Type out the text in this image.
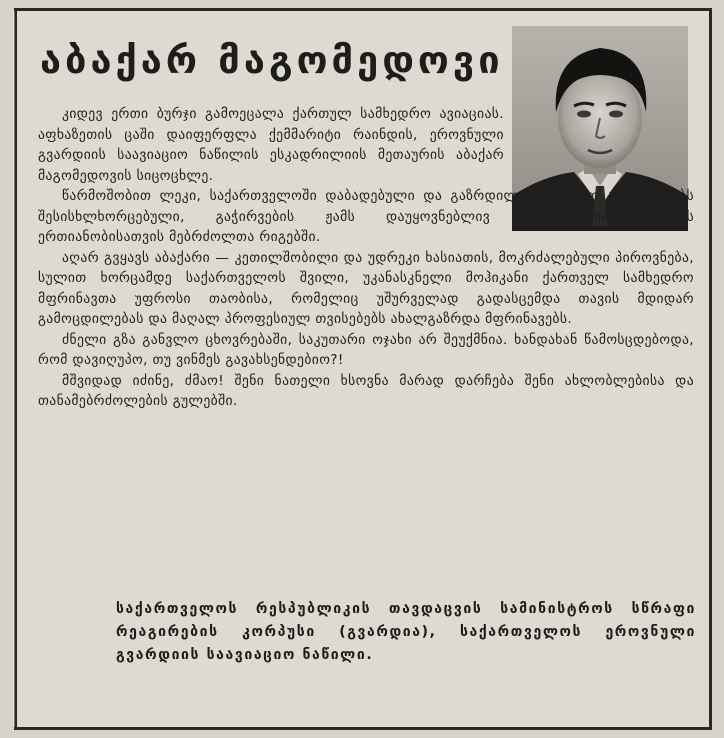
აბაქარ მაგომედოვი

კიდევ ერთი ბურჯი გამოეცალა ქართულ სამხედრო ავიაციას. აფხაზეთის ცაში დაიფერფლა ქემმარიტი რაინდის, ეროვნული გვარდიის საავიაციო ნაწილის ესკადრილიის მეთაურის აბაქარ მაგომედოვის სიცოცხლე.

წარმოშობით ლეკი, საქართველოში დაბადებული და გაზრდილი, ქართულ ადათ-წესებს შესისხლხორცებული, გაჭირვების ჟამს დაუყოვნებლივ ჩადგა საქართველოს ერთიანობისათვის მებრძოლთა რიგებში.

აღარ გვყავს აბაქარი — კეთილშობილი და უდრეკი ხასიათის, მოკრძალებული პიროვნება, სულით ხორცამდე საქართველოს შვილი, უკანასკნელი მოჰიკანი ქართველ სამხედრო მფრინავთა უფროსი თაობისა, რომელიც უშურველად გადასცემდა თავის მდიდარ გამოცდილებას და მაღალ პროფესიულ თვისებებს ახალგაზრდა მფრინავებს.

ძნელი გზა განვლო ცხოვრებაში, საკუთარი ოჯახი არ შეუქმნია. ხანდახან წამოსცდებოდა, რომ დავიღუპო, თუ ვინმეს გავახსენდებიო?!

მშვიდად იძინე, ძმაო! შენი ნათელი ხსოვნა მარად დარჩება შენი ახლობლებისა და თანამებრძოლების გულებში.

საქართველოს რესპუბლიკის თავდაცვის სამინისტროს სწრაფი რეაგირების კორპუსი (გვარდია), საქართველოს ეროვნული გვარდიის საავიაციო ნაწილი.
